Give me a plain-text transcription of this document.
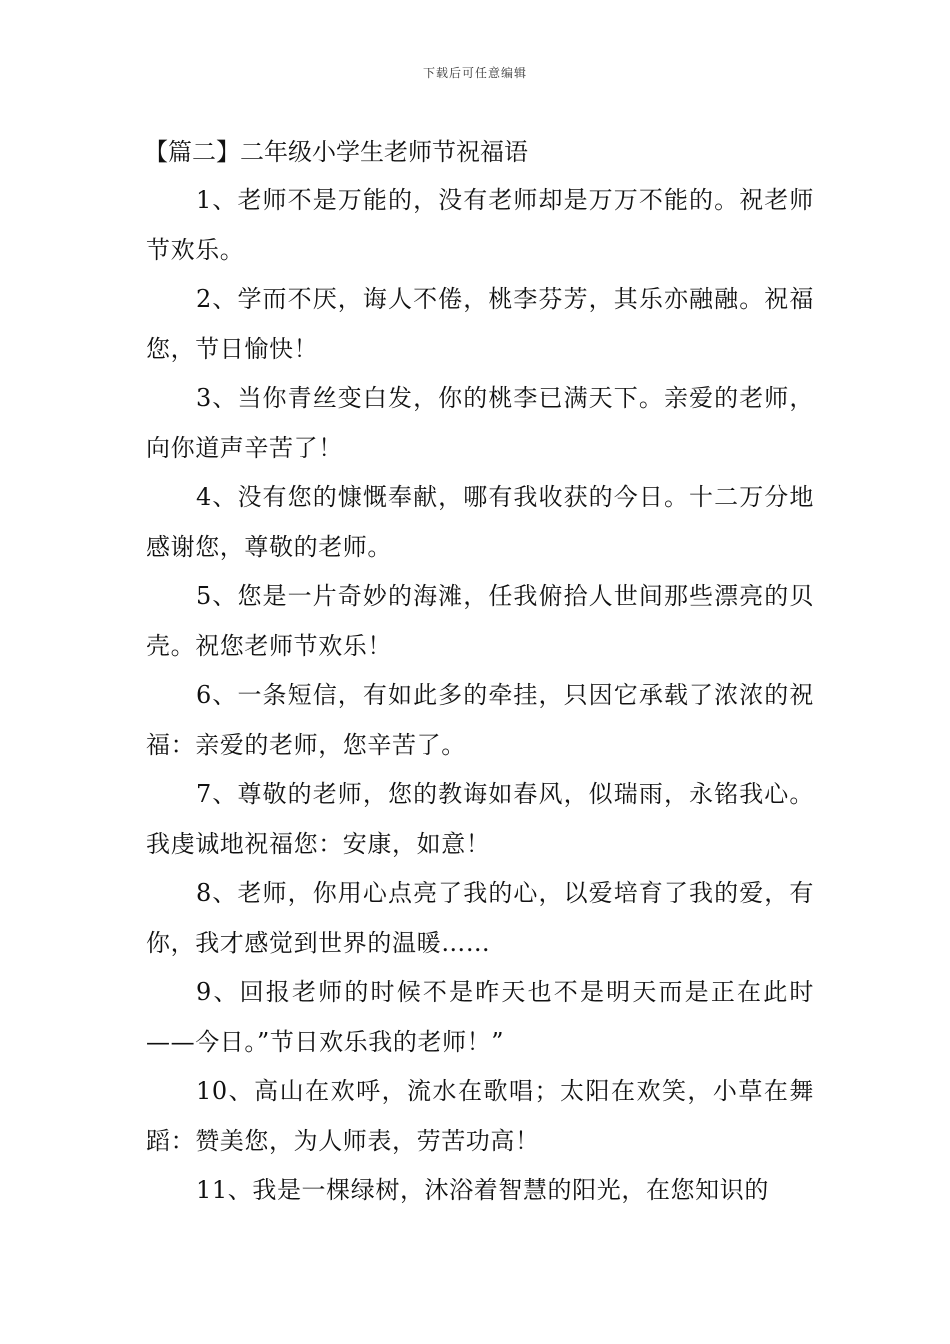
下载后可任意编辑
【篇二】二年级小学生老师节祝福语

1、老师不是万能的，没有老师却是万万不能的。祝老师节欢乐。

2、学而不厌，诲人不倦，桃李芬芳，其乐亦融融。祝福您，节日愉快！

3、当你青丝变白发，你的桃李已满天下。亲爱的老师，向你道声辛苦了！

4、没有您的慷慨奉献，哪有我收获的今日。十二万分地感谢您，尊敬的老师。

5、您是一片奇妙的海滩，任我俯拾人世间那些漂亮的贝壳。祝您老师节欢乐！

6、一条短信，有如此多的牵挂，只因它承载了浓浓的祝福：亲爱的老师，您辛苦了。

7、尊敬的老师，您的教诲如春风，似瑞雨，永铭我心。我虔诚地祝福您：安康，如意！

8、老师，你用心点亮了我的心，以爱培育了我的爱，有你，我才感觉到世界的温暖……

9、回报老师的时候不是昨天也不是明天而是正在此时——今日。”节日欢乐我的老师！”

10、高山在欢呼，流水在歌唱；太阳在欢笑，小草在舞蹈：赞美您，为人师表，劳苦功高！

11、我是一棵绿树，沐浴着智慧的阳光，在您知识的
